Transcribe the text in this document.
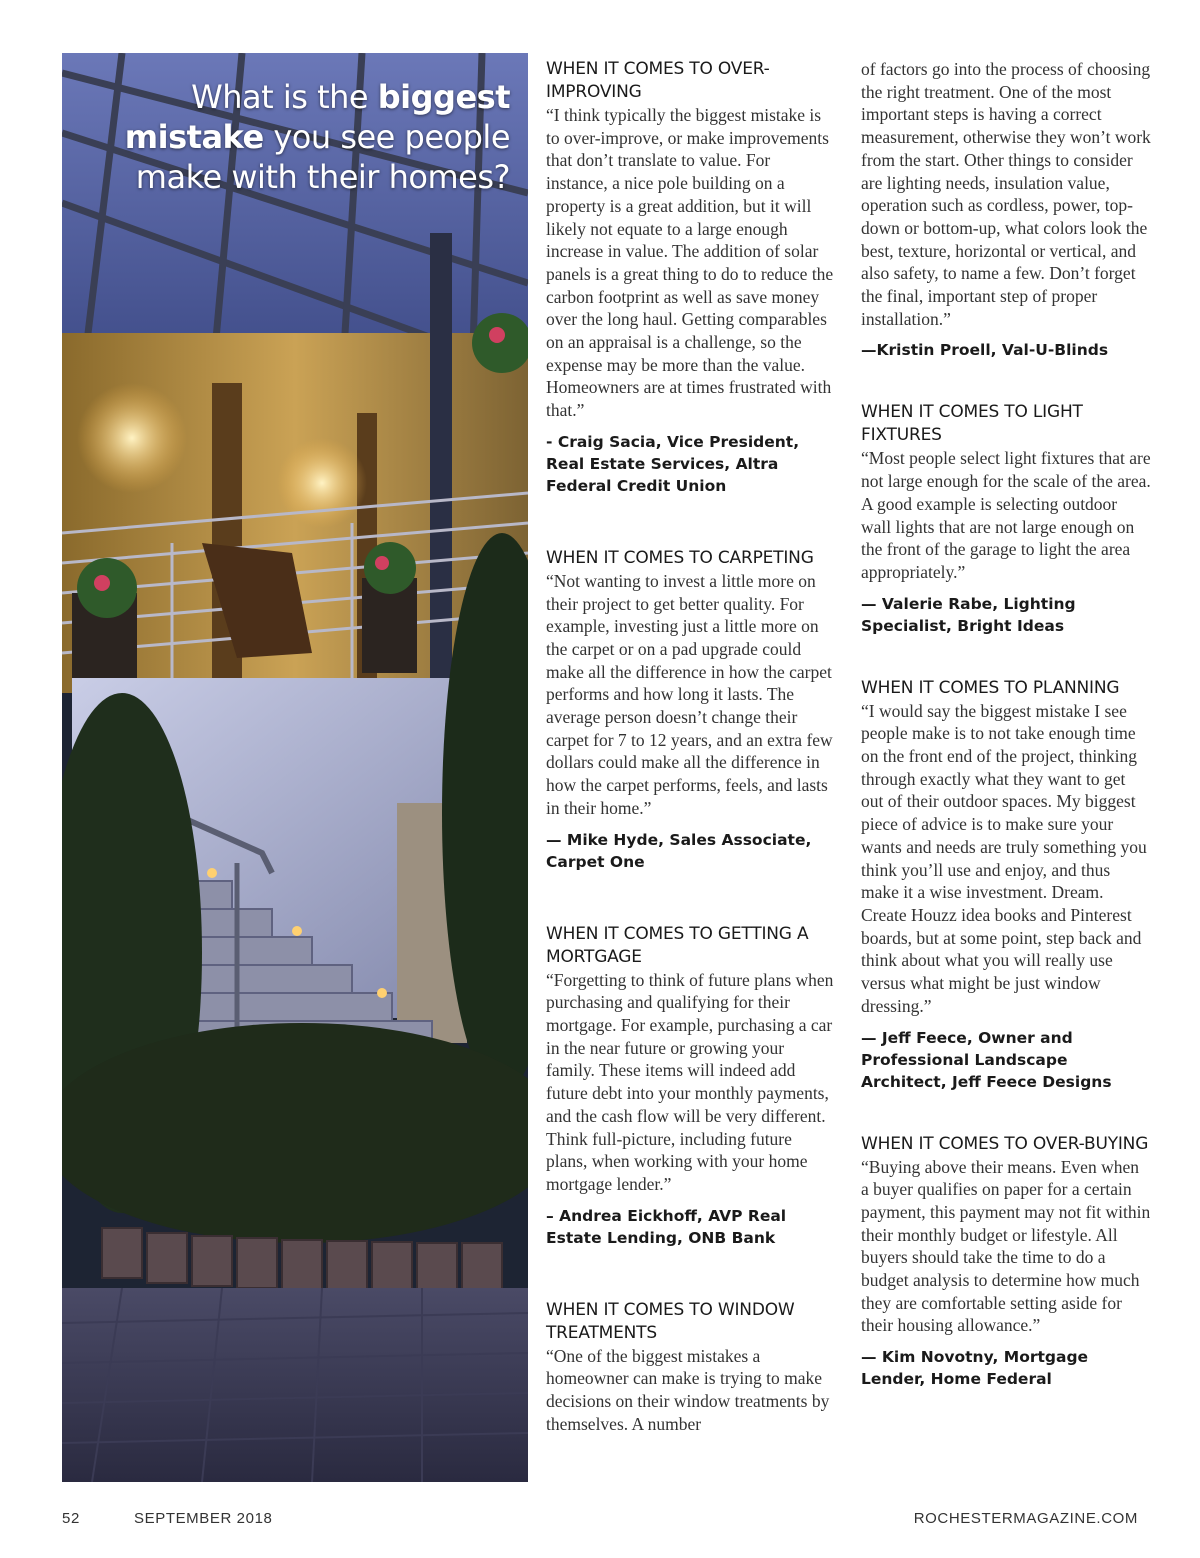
What is the biggest
mistake you see people make with their homes?
WHEN IT COMES TO OVER-IMPROVING

“I think typically the biggest mistake is to over-improve, or make improvements that don’t translate to value. For instance, a nice pole building on a property is a great addition, but it will likely not equate to a large enough increase in value. The addition of solar panels is a great thing to do to reduce the carbon footprint as well as save money over the long haul. Getting comparables on an appraisal is a challenge, so the expense may be more than the value. Homeowners are at times frustrated with that.”

- Craig Sacia, Vice President, Real Estate Services, Altra Federal Credit Union
WHEN IT COMES TO CARPETING

“Not wanting to invest a little more on their project to get better quality. For example, investing just a little more on the carpet or on a pad upgrade could make all the difference in how the carpet performs and how long it lasts. The average person doesn’t change their carpet for 7 to 12 years, and an extra few dollars could make all the difference in how the carpet performs, feels, and lasts in their home.”

— Mike Hyde, Sales Associate, Carpet One
WHEN IT COMES TO GETTING A MORTGAGE

“Forgetting to think of future plans when purchasing and qualifying for their mortgage. For example, purchasing a car in the near future or growing your family. These items will indeed add future debt into your monthly payments, and the cash flow will be very different. Think full-picture, including future plans, when working with your home mortgage lender.”

– Andrea Eickhoff, AVP Real Estate Lending, ONB Bank
WHEN IT COMES TO WINDOW TREATMENTS

“One of the biggest mistakes a homeowner can make is trying to make decisions on their window treatments by themselves. A number

of factors go into the process of choosing the right treatment. One of the most important steps is having a correct measurement, otherwise they won’t work from the start. Other things to consider are lighting needs, insulation value, operation such as cordless, power, top-down or bottom-up, what colors look the best, texture, horizontal or vertical, and also safety, to name a few. Don’t forget the final, important step of proper installation.”

—Kristin Proell, Val-U-Blinds
WHEN IT COMES TO LIGHT FIXTURES

“Most people select light fixtures that are not large enough for the scale of the area. A good example is selecting outdoor wall lights that are not large enough on the front of the garage to light the area appropriately.”

— Valerie Rabe, Lighting Specialist, Bright Ideas
WHEN IT COMES TO PLANNING

“I would say the biggest mistake I see people make is to not take enough time on the front end of the project, thinking through exactly what they want to get out of their outdoor spaces. My biggest piece of advice is to make sure your wants and needs are truly something you think you’ll use and enjoy, and thus make it a wise investment. Dream. Create Houzz idea books and Pinterest boards, but at some point, step back and think about what you will really use versus what might be just window dressing.”

— Jeff Feece, Owner and Professional Landscape Architect, Jeff Feece Designs
WHEN IT COMES TO OVER-BUYING

“Buying above their means. Even when a buyer qualifies on paper for a certain payment, this payment may not fit within their monthly budget or lifestyle. All buyers should take the time to do a budget analysis to determine how much they are comfortable setting aside for their housing allowance.”

— Kim Novotny, Mortgage Lender, Home Federal
52	SEPTEMBER 2018	ROCHESTERMAGAZINE.COM
